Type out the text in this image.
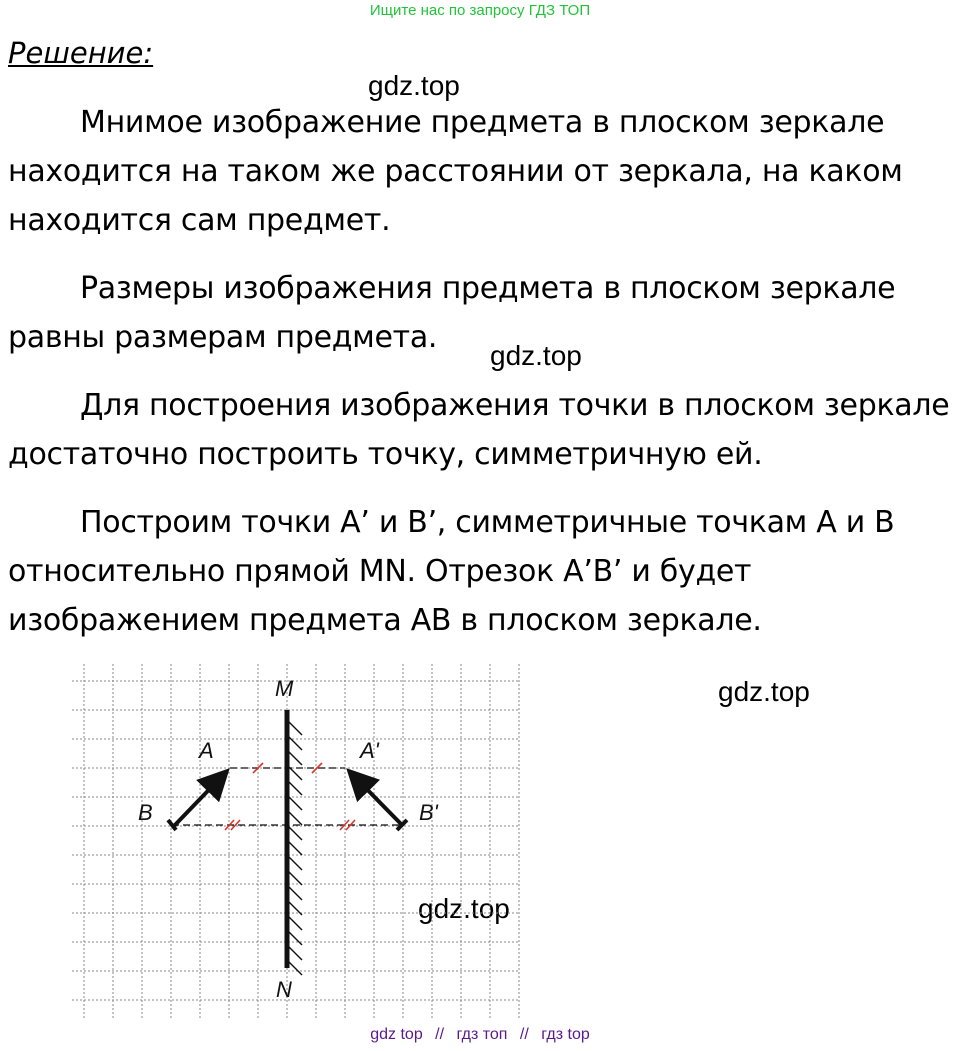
Ищите нас по запросу ГДЗ ТОП
Решение:
Мнимое изображение предмета в плоском зеркале находится на таком же расстоянии от зеркала, на каком находится сам предмет.
Размеры изображения предмета в плоском зеркале равны размерам предмета.
Для построения изображения точки в плоском зеркале достаточно построить точку, симметричную ей.
Построим точки A’ и B’, симметричные точкам A и B относительно прямой MN. Отрезок A’B’ и будет изображением предмета AB в плоском зеркале.
gdz.top
gdz.top
gdz.top
gdz.top
M
N
A
B
A'
B'
gdz top // гдз топ // гдз top
